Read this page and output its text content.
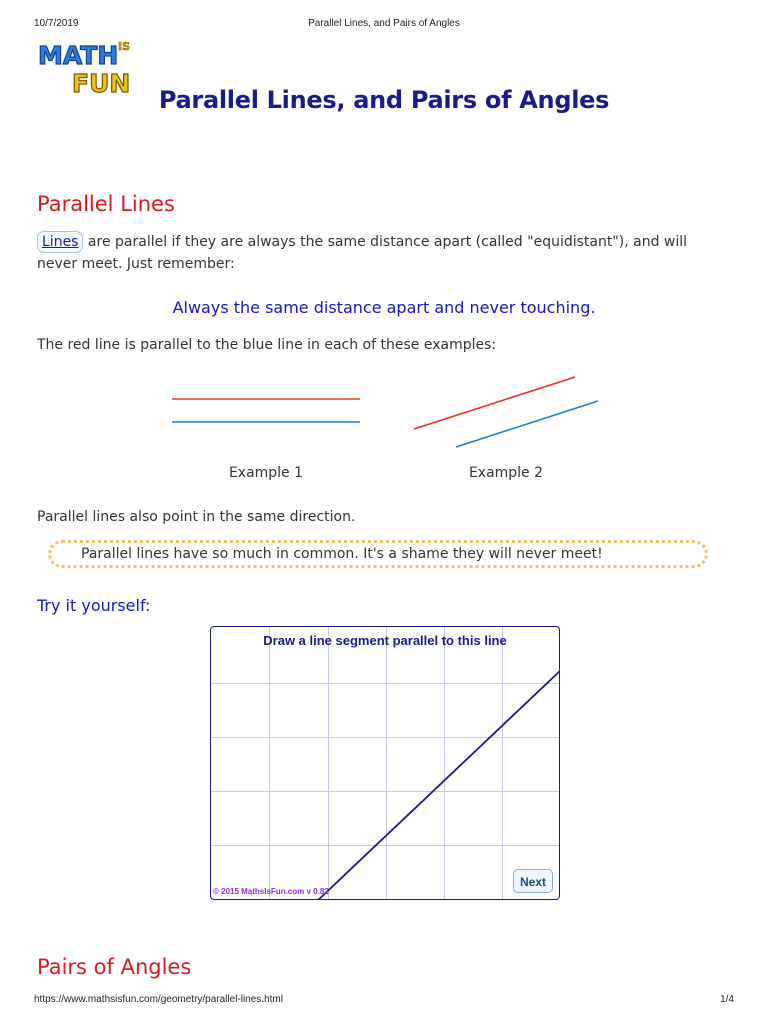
10/7/2019	Parallel Lines, and Pairs of Angles
MATH IS
FUN
Parallel Lines, and Pairs of Angles
Parallel Lines

Lines are parallel if they are always the same distance apart (called "equidistant"), and will never meet. Just remember:

Always the same distance apart and never touching.

The red line is parallel to the blue line in each of these examples:

Example 1	Example 2

Parallel lines also point in the same direction.

Parallel lines have so much in common. It's a shame they will never meet!
Try it yourself:
Draw a line segment parallel to this line
© 2015 MathsIsFun.com v 0.82
Next
Pairs of Angles
https://www.mathsisfun.com/geometry/parallel-lines.html	1/4
